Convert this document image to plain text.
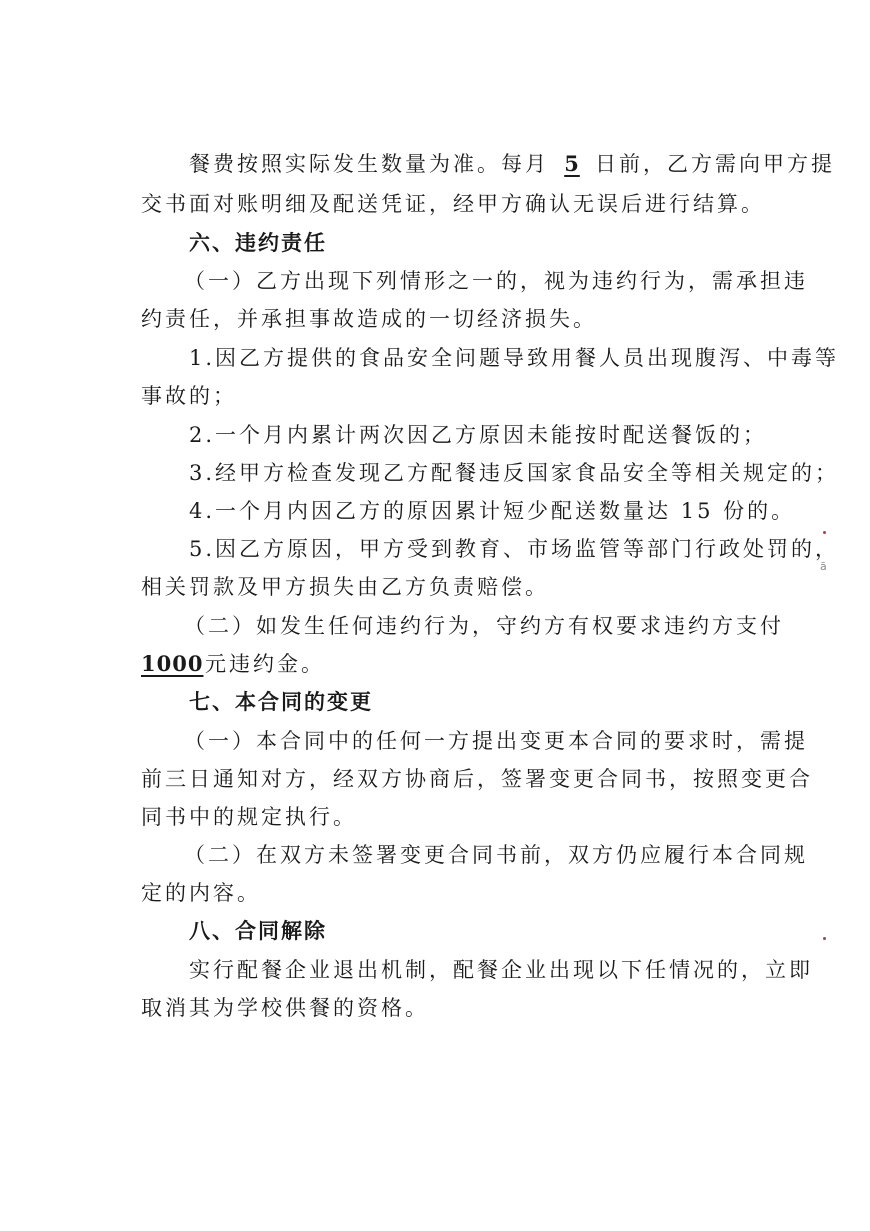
餐费按照实际发生数量为准。每月 5 日前，乙方需向甲方提
交书面对账明细及配送凭证，经甲方确认无误后进行结算。
六、违约责任
（一）乙方出现下列情形之一的，视为违约行为，需承担违
约责任，并承担事故造成的一切经济损失。
1.因乙方提供的食品安全问题导致用餐人员出现腹泻、中毒等
事故的；
2.一个月内累计两次因乙方原因未能按时配送餐饭的；
3.经甲方检查发现乙方配餐违反国家食品安全等相关规定的；
4.一个月内因乙方的原因累计短少配送数量达 15 份的。
5.因乙方原因，甲方受到教育、市场监管等部门行政处罚的，
相关罚款及甲方损失由乙方负责赔偿。
（二）如发生任何违约行为，守约方有权要求违约方支付
1000元违约金。
七、本合同的变更
（一）本合同中的任何一方提出变更本合同的要求时，需提
前三日通知对方，经双方协商后，签署变更合同书，按照变更合
同书中的规定执行。
（二）在双方未签署变更合同书前，双方仍应履行本合同规
定的内容。
八、合同解除
实行配餐企业退出机制，配餐企业出现以下任情况的，立即
取消其为学校供餐的资格。
ā
